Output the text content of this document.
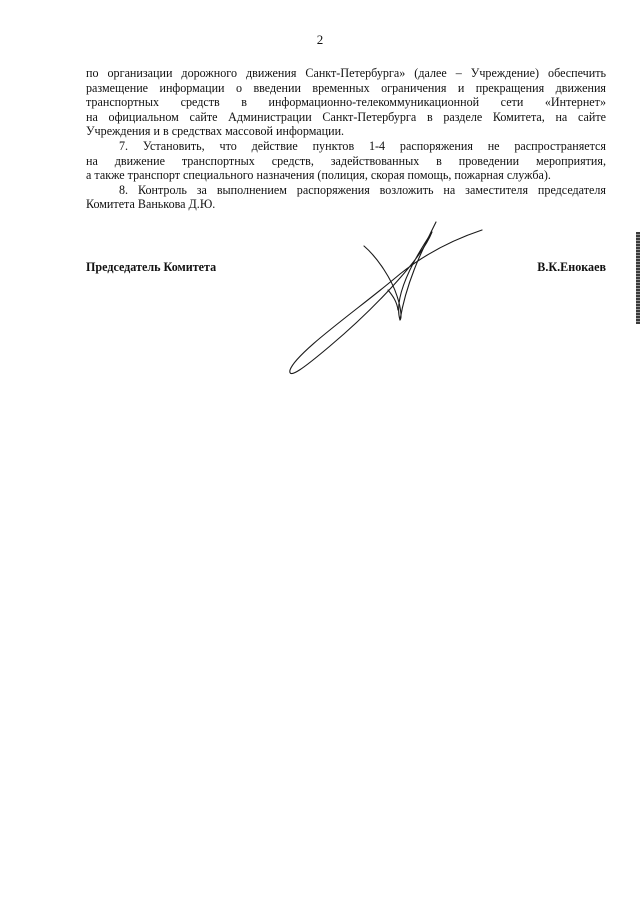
2
по организации дорожного движения Санкт-Петербурга» (далее – Учреждение) обеспечить
размещение информации о введении временных ограничения и прекращения движения
транспортных средств в информационно-телекоммуникационной сети «Интернет»
на официальном сайте Администрации Санкт-Петербурга в разделе Комитета, на сайте
Учреждения и в средствах массовой информации.
7. Установить, что действие пунктов 1-4 распоряжения не распространяется
на движение транспортных средств, задействованных в проведении мероприятия,
а также транспорт специального назначения (полиция, скорая помощь, пожарная служба).
8. Контроль за выполнением распоряжения возложить на заместителя председателя
Комитета Ванькова Д.Ю.
Председатель Комитета	В.К.Енокаев
